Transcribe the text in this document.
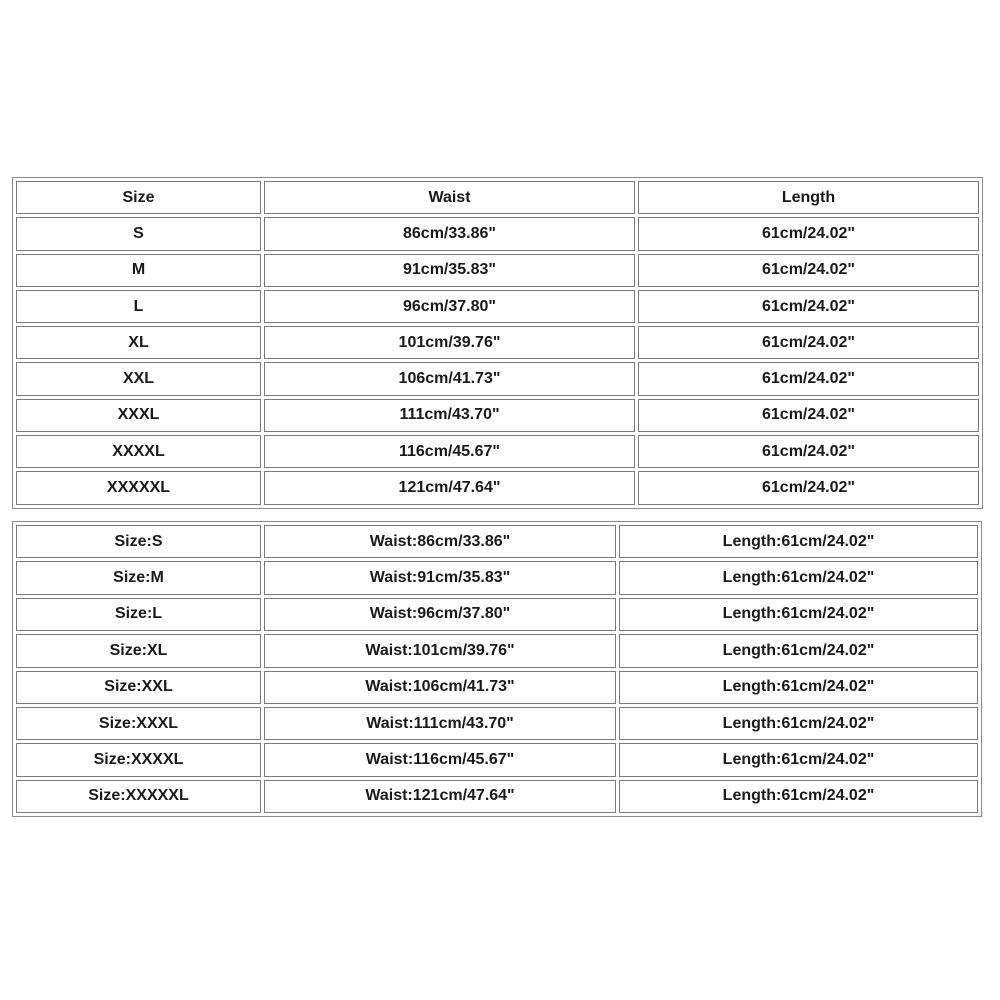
Size	Waist	Length
S	86cm/33.86"	61cm/24.02"
M	91cm/35.83"	61cm/24.02"
L	96cm/37.80"	61cm/24.02"
XL	101cm/39.76"	61cm/24.02"
XXL	106cm/41.73"	61cm/24.02"
XXXL	111cm/43.70"	61cm/24.02"
XXXXL	116cm/45.67"	61cm/24.02"
XXXXXL	121cm/47.64"	61cm/24.02"
Size:S	Waist:86cm/33.86"	Length:61cm/24.02"
Size:M	Waist:91cm/35.83"	Length:61cm/24.02"
Size:L	Waist:96cm/37.80"	Length:61cm/24.02"
Size:XL	Waist:101cm/39.76"	Length:61cm/24.02"
Size:XXL	Waist:106cm/41.73"	Length:61cm/24.02"
Size:XXXL	Waist:111cm/43.70"	Length:61cm/24.02"
Size:XXXXL	Waist:116cm/45.67"	Length:61cm/24.02"
Size:XXXXXL	Waist:121cm/47.64"	Length:61cm/24.02"
